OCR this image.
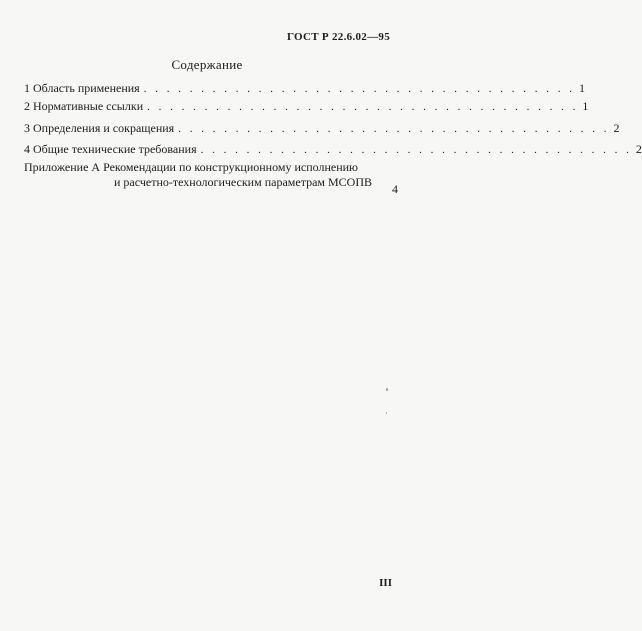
ГОСТ Р 22.6.02—95
Содержание
1 Область применения . . . . . . . . . . . . . . . . . . . . . . . . . . . . . . . . . . . . . . 1
2 Нормативные ссылки . . . . . . . . . . . . . . . . . . . . . . . . . . . . . . . . . . . . . . 1
3 Определения и сокращения . . . . . . . . . . . . . . . . . . . . . . . . . . . . . . . . . . . . . . 2
4 Общие технические требования . . . . . . . . . . . . . . . . . . . . . . . . . . . . . . . . . . . . . . 2
Приложение А Рекомендации по конструкционному исполнению
и расчетно-технологическим параметрам МСОПВ	4
III
